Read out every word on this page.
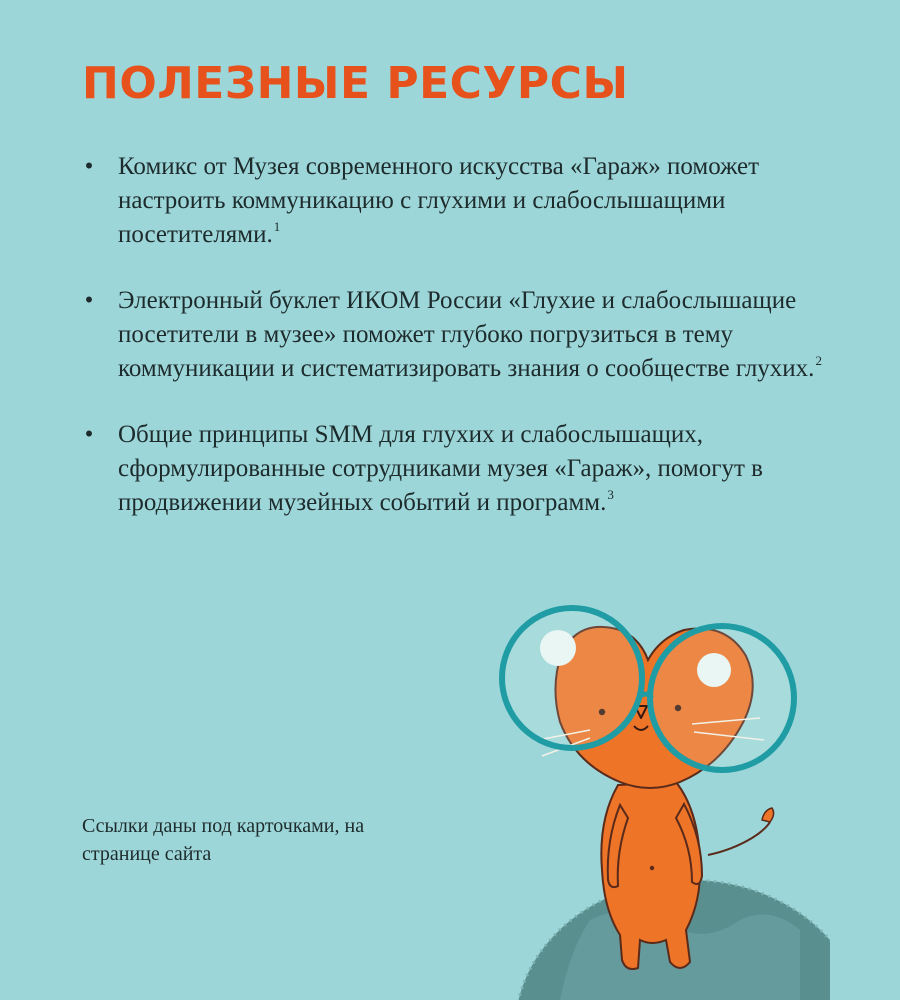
ПОЛЕЗНЫЕ РЕСУРСЫ
• Комикс от Музея современного искусства «Гараж» поможет настроить коммуникацию с глухими и слабослышащими посетителями.$^1$
• Электронный буклет ИКОМ России «Глухие и слабослышащие посетители в музее» поможет глубоко погрузиться в тему коммуникации и систематизировать знания о сообществе глухих.$^2$
• Общие принципы SMM для глухих и слабослышащих, сформулированные сотрудниками музея «Гараж», помогут в продвижении музейных событий и программ.$^3$

Ссылки даны под карточками, на странице сайта
